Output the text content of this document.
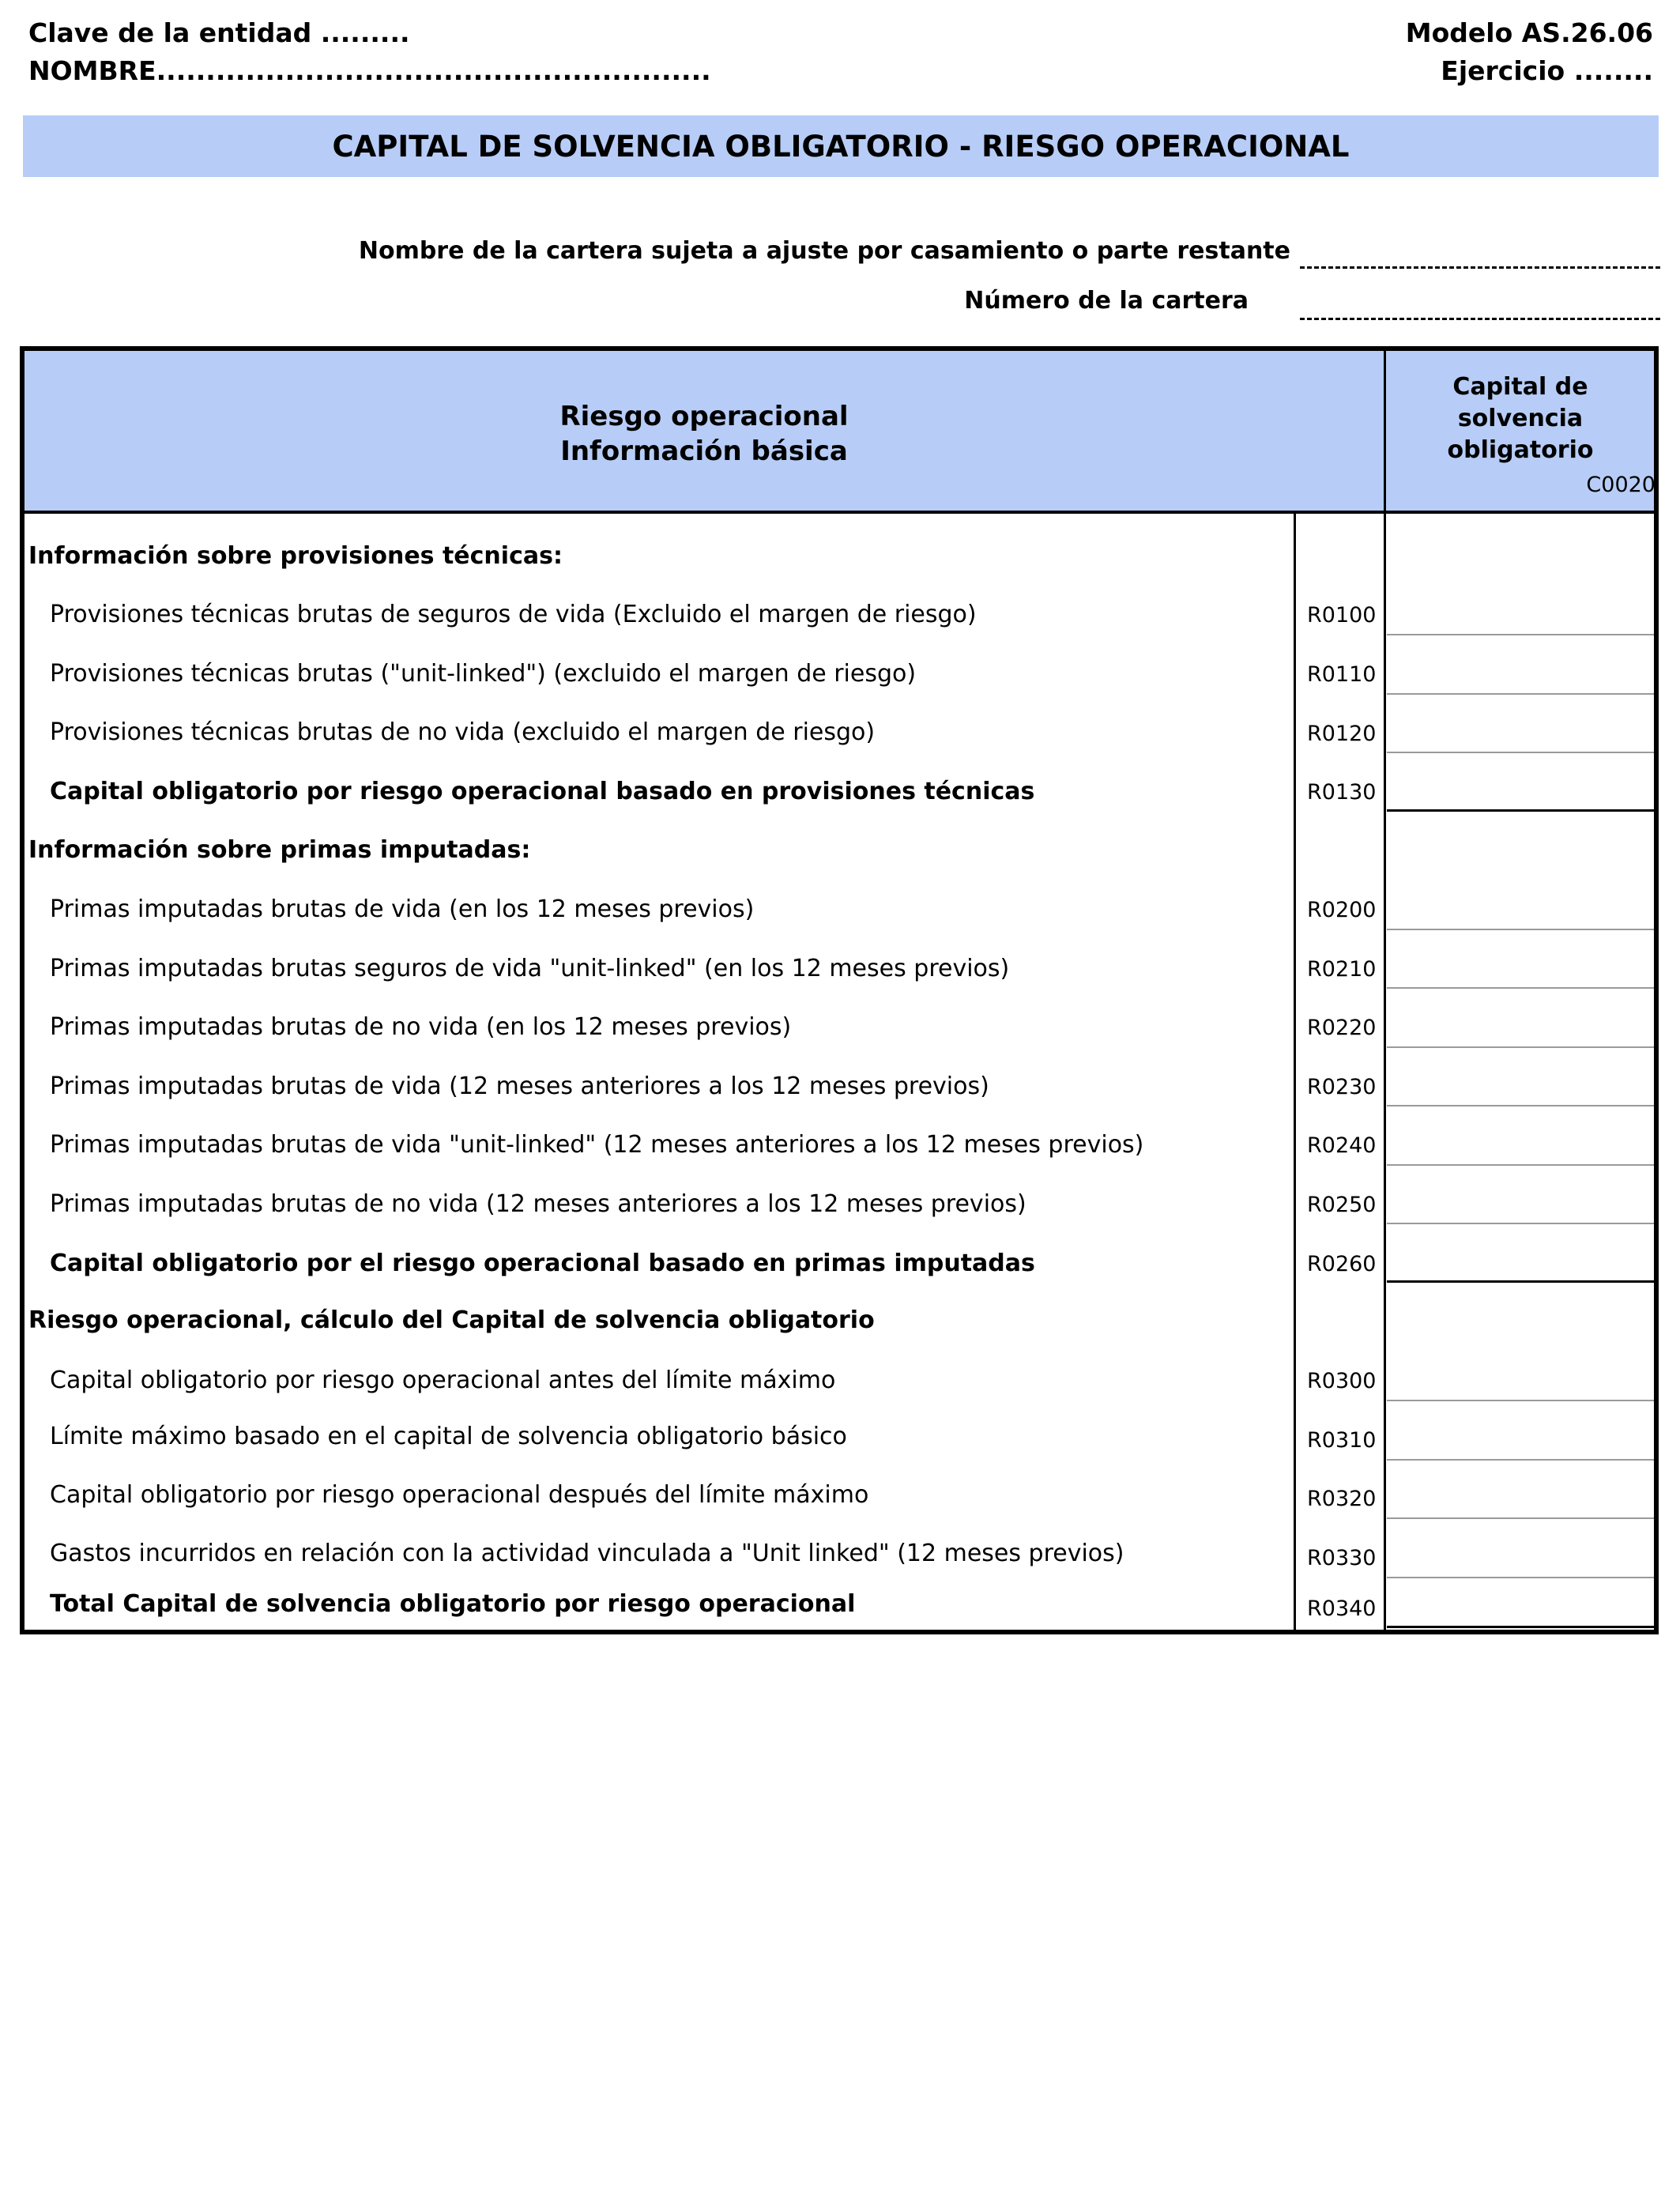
Clave de la entidad .........
NOMBRE........................................................
Modelo AS.26.06
Ejercicio ........
CAPITAL DE SOLVENCIA OBLIGATORIO - RIESGO OPERACIONAL
Nombre de la cartera sujeta a ajuste por casamiento o parte restante
Número de la cartera
Riesgo operacional
Información básica
Capital de solvencia
obligatorio
C0020
Información sobre provisiones técnicas:
Información sobre primas imputadas:
Riesgo operacional, cálculo del Capital de solvencia obligatorio
Provisiones técnicas brutas de seguros de vida (Excluido el margen de riesgo)
Provisiones técnicas brutas ("unit-linked") (excluido el margen de riesgo)
Provisiones técnicas brutas de no vida (excluido el margen de riesgo)
Capital obligatorio por riesgo operacional basado en provisiones técnicas
Primas imputadas brutas de vida (en los 12 meses previos)
Primas imputadas brutas seguros de vida "unit-linked" (en los 12 meses previos)
Primas imputadas brutas de no vida (en los 12 meses previos)
Primas imputadas brutas de vida (12 meses anteriores a los 12 meses previos)
Primas imputadas brutas de vida "unit-linked" (12 meses anteriores a los 12 meses previos)
Primas imputadas brutas de no vida (12 meses anteriores a los 12 meses previos)
Capital obligatorio por el riesgo operacional basado en primas imputadas
Capital obligatorio por riesgo operacional antes del límite máximo
Límite máximo basado en el capital de solvencia obligatorio básico
Capital obligatorio por riesgo operacional después del límite máximo
Gastos incurridos en relación con la actividad vinculada a "Unit linked" (12 meses previos)
Total Capital de solvencia obligatorio por riesgo operacional
R0100
R0110
R0120
R0130
R0200
R0210
R0220
R0230
R0240
R0250
R0260
R0300
R0310
R0320
R0330
R0340
